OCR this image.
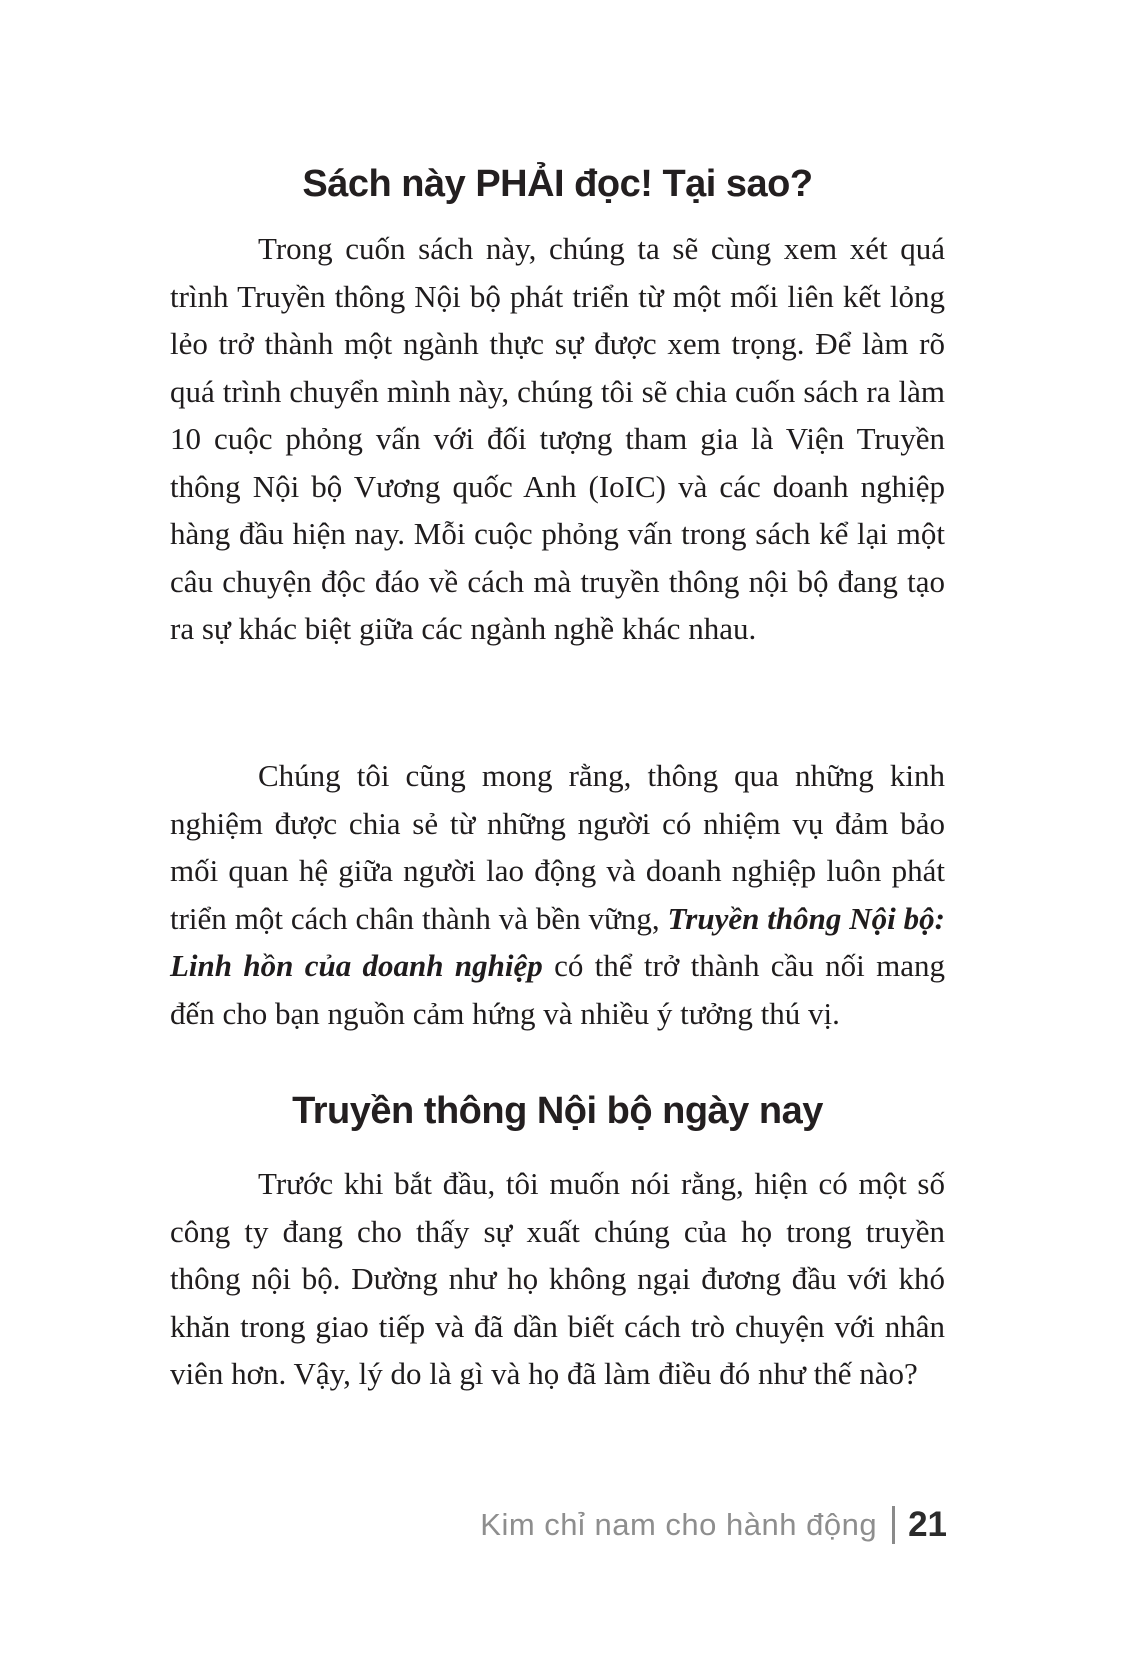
Sách này PHẢI đọc! Tại sao?

Trong cuốn sách này, chúng ta sẽ cùng xem xét quá trình Truyền thông Nội bộ phát triển từ một mối liên kết lỏng lẻo trở thành một ngành thực sự được xem trọng. Để làm rõ quá trình chuyển mình này, chúng tôi sẽ chia cuốn sách ra làm 10 cuộc phỏng vấn với đối tượng tham gia là Viện Truyền thông Nội bộ Vương quốc Anh (IoIC) và các doanh nghiệp hàng đầu hiện nay. Mỗi cuộc phỏng vấn trong sách kể lại một câu chuyện độc đáo về cách mà truyền thông nội bộ đang tạo ra sự khác biệt giữa các ngành nghề khác nhau.

Chúng tôi cũng mong rằng, thông qua những kinh nghiệm được chia sẻ từ những người có nhiệm vụ đảm bảo mối quan hệ giữa người lao động và doanh nghiệp luôn phát triển một cách chân thành và bền vững, Truyền thông Nội bộ: Linh hồn của doanh nghiệp có thể trở thành cầu nối mang đến cho bạn nguồn cảm hứng và nhiều ý tưởng thú vị.

Truyền thông Nội bộ ngày nay

Trước khi bắt đầu, tôi muốn nói rằng, hiện có một số công ty đang cho thấy sự xuất chúng của họ trong truyền thông nội bộ. Dường như họ không ngại đương đầu với khó khăn trong giao tiếp và đã dần biết cách trò chuyện với nhân viên hơn. Vậy, lý do là gì và họ đã làm điều đó như thế nào?

Kim chỉ nam cho hành động 21
